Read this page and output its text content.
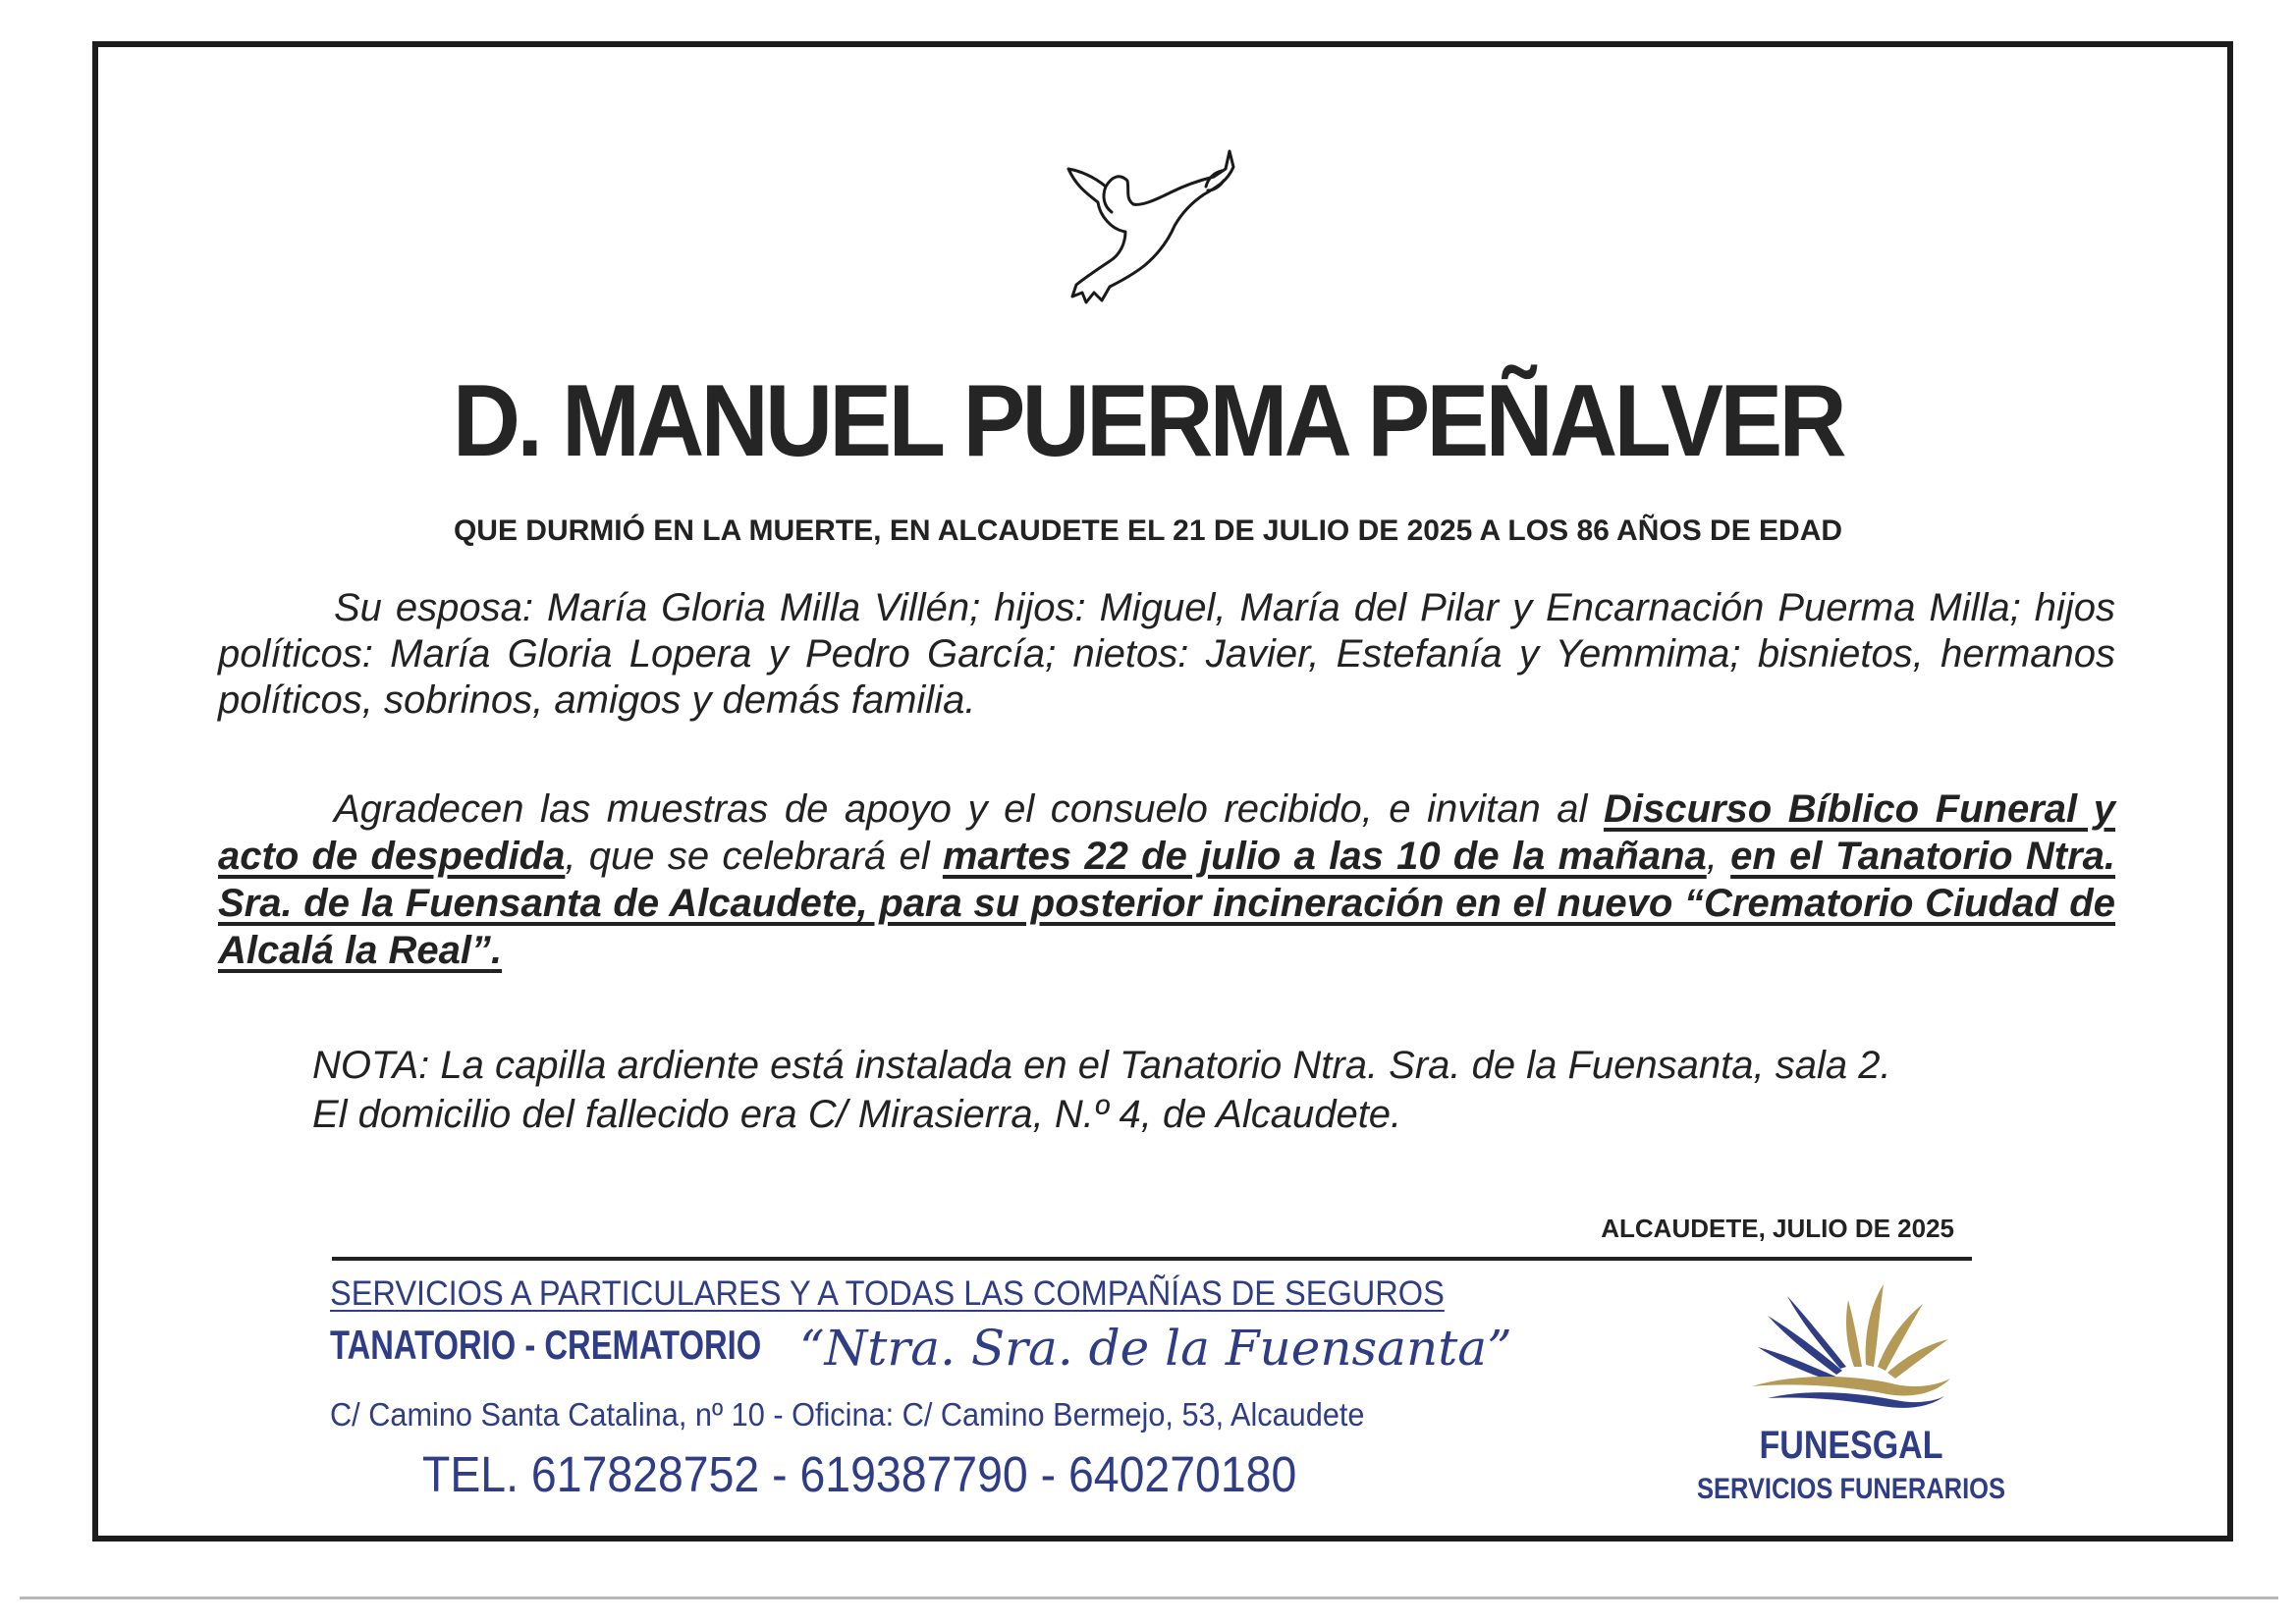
D. MANUEL PUERMA PEÑALVER
QUE DURMIÓ EN LA MUERTE, EN ALCAUDETE EL 21 DE JULIO DE 2025 A LOS 86 AÑOS DE EDAD
Su esposa: María Gloria Milla Villén; hijos: Miguel, María del Pilar y Encarnación Puerma Milla; hijos políticos: María Gloria Lopera y Pedro García; nietos: Javier, Estefanía y Yemmima; bisnietos, hermanos políticos, sobrinos, amigos y demás familia.
Agradecen las muestras de apoyo y el consuelo recibido, e invitan al Discurso Bíblico Funeral y acto de despedida, que se celebrará el martes 22 de julio a las 10 de la mañana, en el Tanatorio Ntra. Sra. de la Fuensanta de Alcaudete, para su posterior incineración en el nuevo “Crematorio Ciudad de Alcalá la Real”.
NOTA: La capilla ardiente está instalada en el Tanatorio Ntra. Sra. de la Fuensanta, sala 2.
El domicilio del fallecido era C/ Mirasierra, N.º 4, de Alcaudete.
ALCAUDETE, JULIO DE 2025
SERVICIOS A PARTICULARES Y A TODAS LAS COMPAÑÍAS DE SEGUROS
TANATORIO - CREMATORIO “Ntra. Sra. de la Fuensanta”
C/ Camino Santa Catalina, nº 10 - Oficina: C/ Camino Bermejo, 53, Alcaudete
TEL. 617828752 - 619387790 - 640270180
FUNESGAL
SERVICIOS FUNERARIOS
